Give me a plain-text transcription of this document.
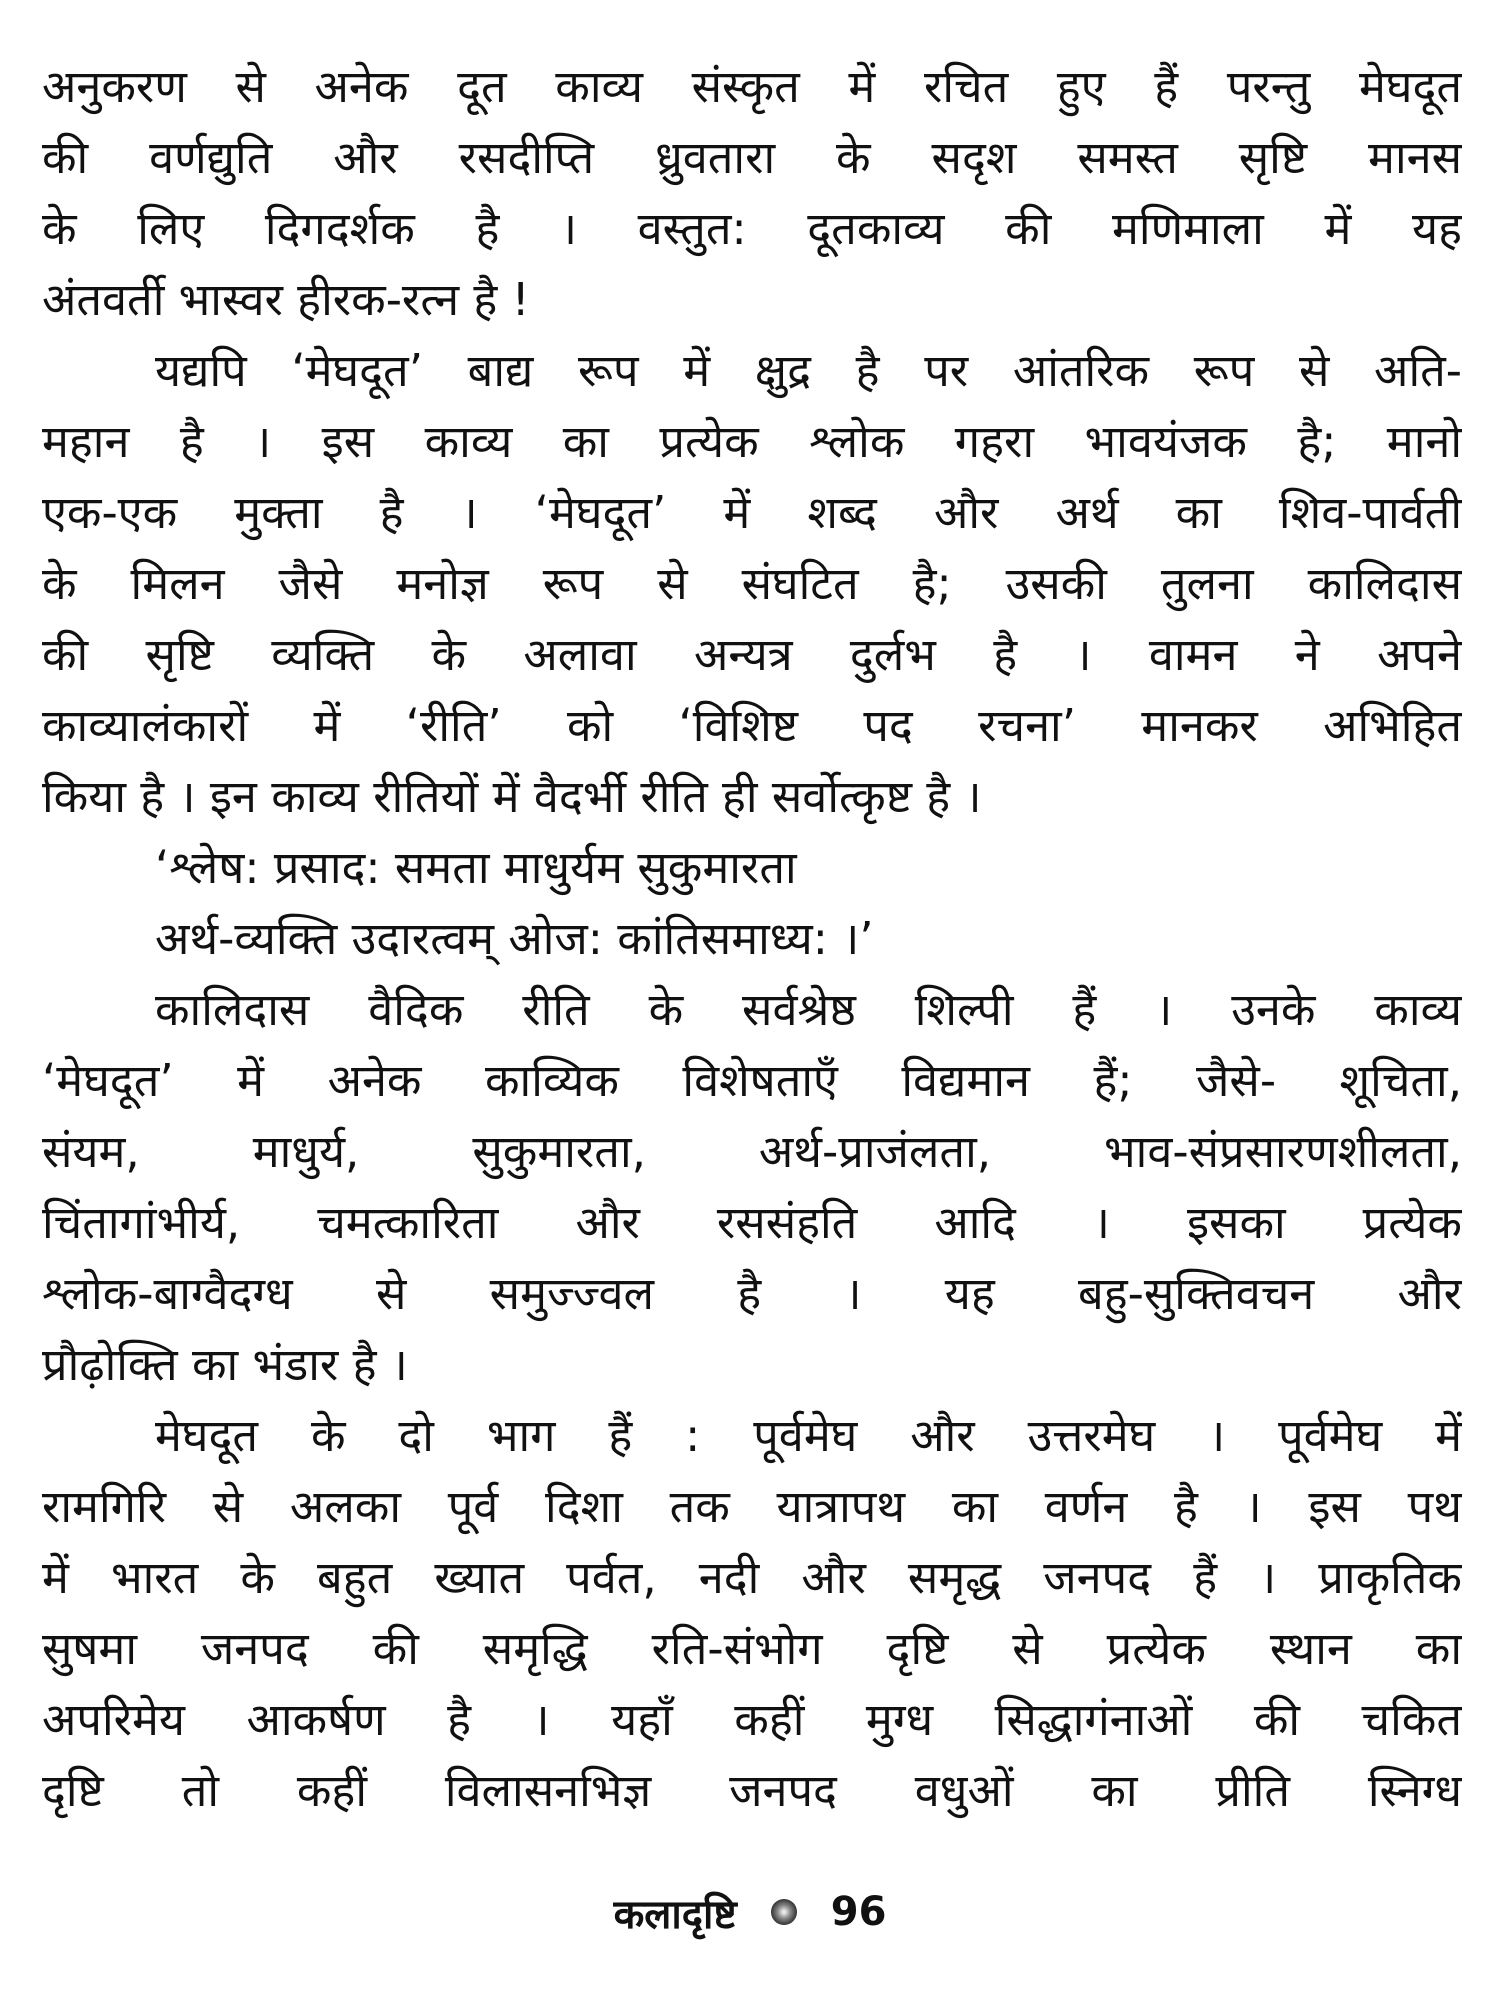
अनुकरण से अनेक दूत काव्य संस्कृत में रचित हुए हैं परन्तु मेघदूत
की वर्णद्युति और रसदीप्ति ध्रुवतारा के सदृश समस्त सृष्टि मानस
के लिए दिगदर्शक है । वस्तुत: दूतकाव्य की मणिमाला में यह
अंतवर्ती भास्वर हीरक-रत्न है !
यद्यपि ‘मेघदूत’ बाद्य रूप में क्षुद्र है पर आंतरिक रूप से अति-
महान है । इस काव्य का प्रत्येक श्लोक गहरा भावयंजक है; मानो
एक-एक मुक्ता है । ‘मेघदूत’ में शब्द और अर्थ का शिव-पार्वती
के मिलन जैसे मनोज्ञ रूप से संघटित है; उसकी तुलना कालिदास
की सृष्टि व्यक्ति के अलावा अन्यत्र दुर्लभ है । वामन ने अपने
काव्यालंकारों में ‘रीति’ को ‘विशिष्ट पद रचना’ मानकर अभिहित
किया है । इन काव्य रीतियों में वैदर्भी रीति ही सर्वोत्कृष्ट है ।
‘श्लेष: प्रसाद: समता माधुर्यम सुकुमारता
अर्थ-व्यक्ति उदारत्वम् ओज: कांतिसमाध्य: ।’
कालिदास वैदिक रीति के सर्वश्रेष्ठ शिल्पी हैं । उनके काव्य
‘मेघदूत’ में अनेक काव्यिक विशेषताएँ विद्यमान हैं; जैसे- शूचिता,
संयम, माधुर्य, सुकुमारता, अर्थ-प्राजंलता, भाव-संप्रसारणशीलता,
चिंतागांभीर्य, चमत्कारिता और रससंहति आदि । इसका प्रत्येक
श्लोक-बाग्वैदग्ध से समुज्ज्वल है । यह बहु-सुक्तिवचन और
प्रौढ़ोक्ति का भंडार है ।
मेघदूत के दो भाग हैं : पूर्वमेघ और उत्तरमेघ । पूर्वमेघ में
रामगिरि से अलका पूर्व दिशा तक यात्रापथ का वर्णन है । इस पथ
में भारत के बहुत ख्यात पर्वत, नदी और समृद्ध जनपद हैं । प्राकृतिक
सुषमा जनपद की समृद्धि रति-संभोग दृष्टि से प्रत्येक स्थान का
अपरिमेय आकर्षण है । यहाँ कहीं मुग्ध सिद्धागंनाओं की चकित
दृष्टि तो कहीं विलासनभिज्ञ जनपद वधुओं का प्रीति स्निग्ध
कलादृष्टि 96
